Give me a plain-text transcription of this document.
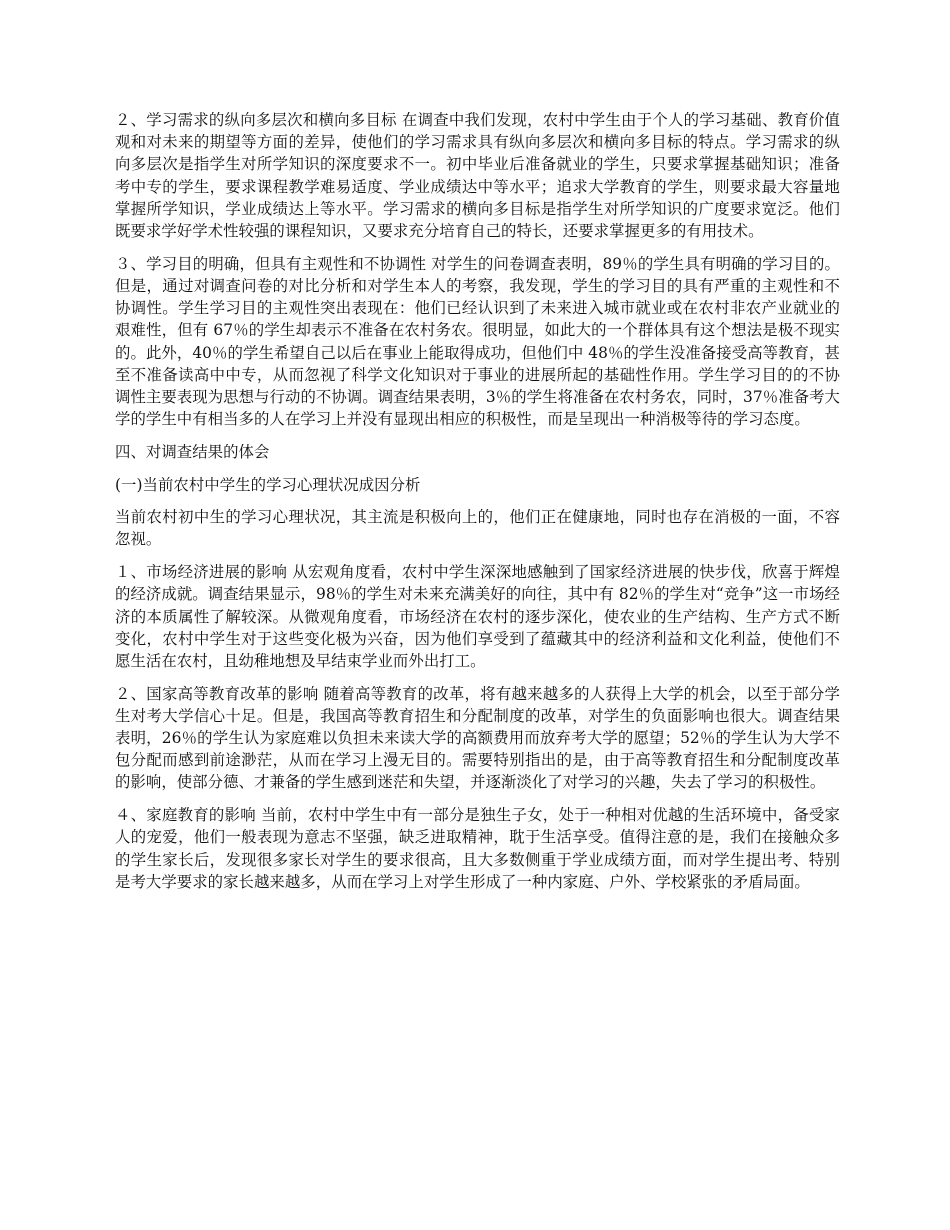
２、学习需求的纵向多层次和横向多目标 在调查中我们发现，农村中学生由于个人的学习基础、教育价值观和对未来的期望等方面的差异，使他们的学习需求具有纵向多层次和横向多目标的特点。学习需求的纵向多层次是指学生对所学知识的深度要求不一。初中毕业后准备就业的学生，只要求掌握基础知识；准备考中专的学生，要求课程教学难易适度、学业成绩达中等水平；追求大学教育的学生，则要求最大容量地掌握所学知识，学业成绩达上等水平。学习需求的横向多目标是指学生对所学知识的广度要求宽泛。他们既要求学好学术性较强的课程知识，又要求充分培育自己的特长，还要求掌握更多的有用技术。

３、学习目的明确，但具有主观性和不协调性 对学生的问卷调查表明，89％的学生具有明确的学习目的。但是，通过对调查问卷的对比分析和对学生本人的考察，我发现，学生的学习目的具有严重的主观性和不协调性。学生学习目的主观性突出表现在：他们已经认识到了未来进入城市就业或在农村非农产业就业的艰难性，但有 67％的学生却表示不准备在农村务农。很明显，如此大的一个群体具有这个想法是极不现实的。此外，40％的学生希望自己以后在事业上能取得成功，但他们中 48％的学生没准备接受高等教育，甚至不准备读高中中专，从而忽视了科学文化知识对于事业的进展所起的基础性作用。学生学习目的的不协调性主要表现为思想与行动的不协调。调查结果表明，3％的学生将准备在农村务农，同时，37％准备考大学的学生中有相当多的人在学习上并没有显现出相应的积极性，而是呈现出一种消极等待的学习态度。

四、对调查结果的体会

(一)当前农村中学生的学习心理状况成因分析

当前农村初中生的学习心理状况，其主流是积极向上的，他们正在健康地，同时也存在消极的一面，不容忽视。

１、市场经济进展的影响 从宏观角度看，农村中学生深深地感触到了国家经济进展的快步伐，欣喜于辉煌的经济成就。调查结果显示，98％的学生对未来充满美好的向往，其中有 82％的学生对“竞争”这一市场经济的本质属性了解较深。从微观角度看，市场经济在农村的逐步深化，使农业的生产结构、生产方式不断变化，农村中学生对于这些变化极为兴奋，因为他们享受到了蕴藏其中的经济利益和文化利益，使他们不愿生活在农村，且幼稚地想及早结束学业而外出打工。

２、国家高等教育改革的影响 随着高等教育的改革，将有越来越多的人获得上大学的机会，以至于部分学生对考大学信心十足。但是，我国高等教育招生和分配制度的改革，对学生的负面影响也很大。调查结果表明，26％的学生认为家庭难以负担未来读大学的高额费用而放弃考大学的愿望；52％的学生认为大学不包分配而感到前途渺茫，从而在学习上漫无目的。需要特别指出的是，由于高等教育招生和分配制度改革的影响，使部分德、才兼备的学生感到迷茫和失望，并逐渐淡化了对学习的兴趣，失去了学习的积极性。

４、家庭教育的影响 当前，农村中学生中有一部分是独生子女，处于一种相对优越的生活环境中，备受家人的宠爱，他们一般表现为意志不坚强，缺乏进取精神，耽于生活享受。值得注意的是，我们在接触众多的学生家长后，发现很多家长对学生的要求很高，且大多数侧重于学业成绩方面，而对学生提出考、特别是考大学要求的家长越来越多，从而在学习上对学生形成了一种内家庭、户外、学校紧张的矛盾局面。
